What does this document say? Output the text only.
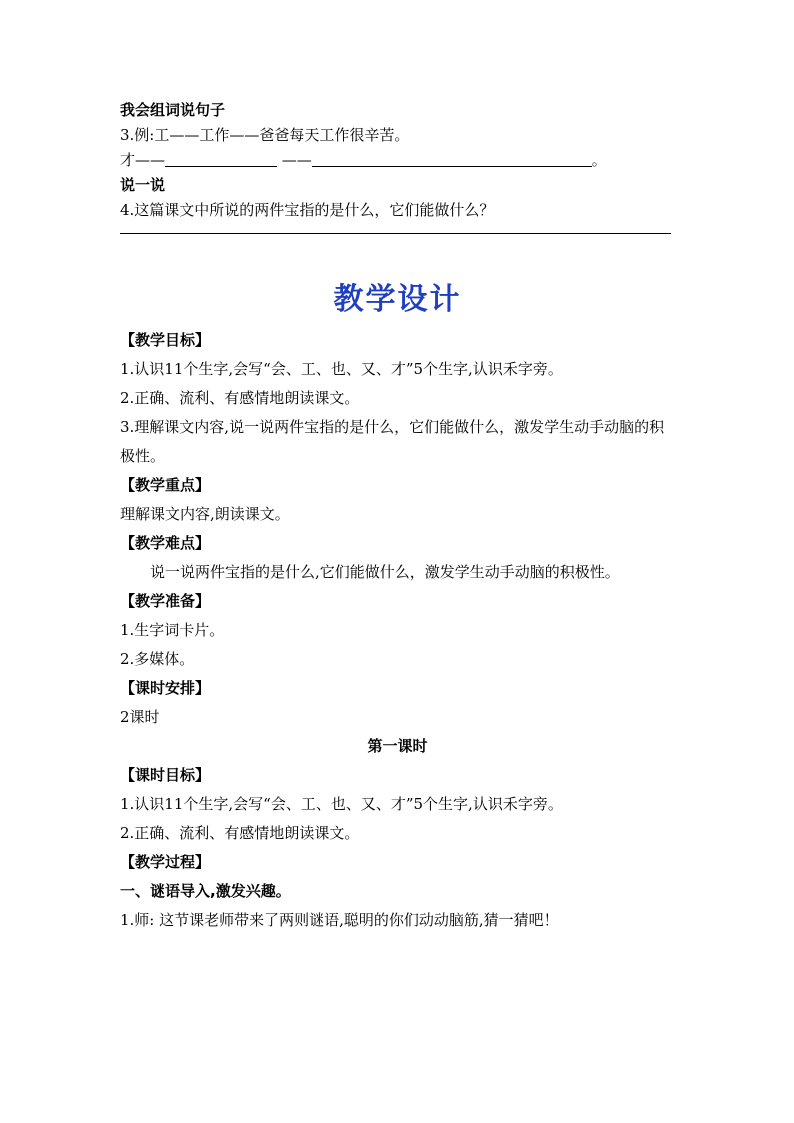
我会组词说句子
3.例:工——工作——爸爸每天工作很辛苦。
才——	——	。
说一说
4.这篇课文中所说的两件宝指的是什么，它们能做什么？
教学设计
【教学目标】
1.认识11个生字,会写“会、工、也、又、才”5个生字,认识禾字旁。
2.正确、流利、有感情地朗读课文。
3.理解课文内容,说一说两件宝指的是什么，它们能做什么，激发学生动手动脑的积极性。
【教学重点】
理解课文内容,朗读课文。
【教学难点】
说一说两件宝指的是什么,它们能做什么，激发学生动手动脑的积极性。
【教学准备】
1.生字词卡片。
2.多媒体。
【课时安排】
2课时
第一课时
【课时目标】
1.认识11个生字,会写“会、工、也、又、才”5个生字,认识禾字旁。
2.正确、流利、有感情地朗读课文。
【教学过程】
一、谜语导入,激发兴趣。
1.师: 这节课老师带来了两则谜语,聪明的你们动动脑筋,猜一猜吧！
